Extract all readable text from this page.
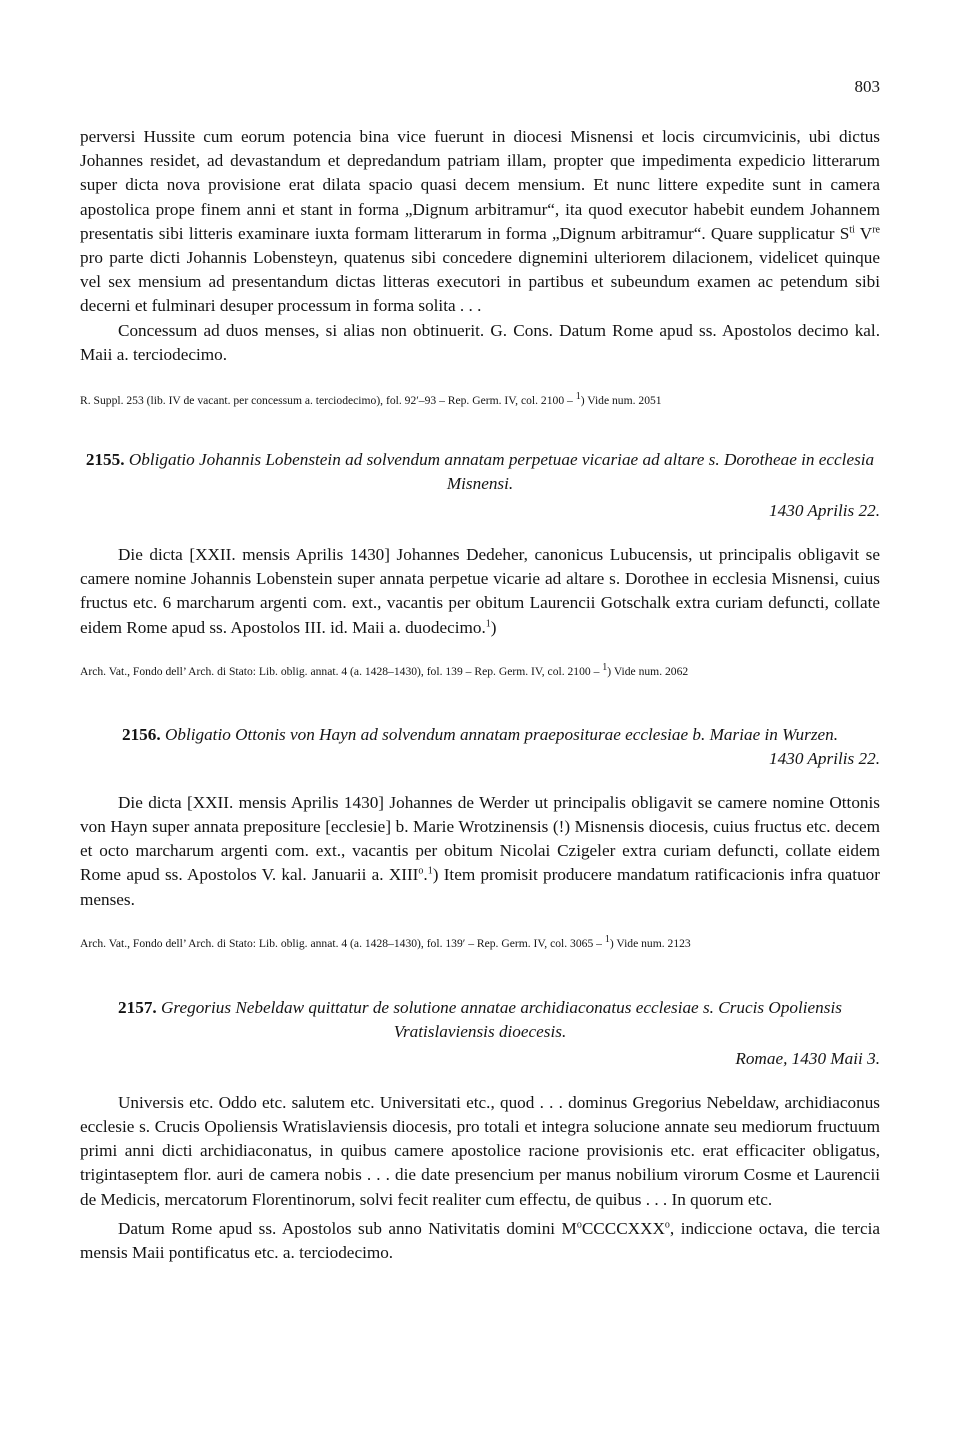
803

perversi Hussite cum eorum potencia bina vice fuerunt in diocesi Misnensi et locis circumvicinis, ubi dictus Johannes residet, ad devastandum et depredandum patriam illam, propter que impedimenta expedicio litterarum super dicta nova provisione erat dilata spacio quasi decem mensium. Et nunc littere expedite sunt in camera apostolica prope finem anni et stant in forma „Dignum arbitramur“, ita quod executor habebit eundem Johannem presentatis sibi litteris examinare iuxta formam litterarum in forma „Dignum arbitramur“. Quare supplicatur $S^{ti}$ Vre pro parte dicti Johannis Lobensteyn, quatenus sibi concedere dignemini ulteriorem dilacionem, videlicet quinque vel sex mensium ad presentandum dictas litteras executori in partibus et subeundum examen ac petendum sibi decerni et fulminari desuper processum in forma solita . . .

Concessum ad duos menses, si alias non obtinuerit. G. Cons. Datum Rome apud ss. Apostolos decimo kal. Maii a. terciodecimo.

R. Suppl. 253 (lib. IV de vacant. per concessum a. terciodecimo), fol. 92′–93 – Rep. Germ. IV, col. 2100 – $^1$) Vide num. 2051

2155. Obligatio Johannis Lobenstein ad solvendum annatam perpetuae vicariae ad altare s. Dorotheae in ecclesia Misnensi.

1430 Aprilis 22.

Die dicta [XXII. mensis Aprilis 1430] Johannes Dedeher, canonicus Lubucensis, ut principalis obligavit se camere nomine Johannis Lobenstein super annata perpetue vicarie ad altare s. Dorothee in ecclesia Misnensi, cuius fructus etc. 6 marcharum argenti com. ext., vacantis per obitum Laurencii Gotschalk extra curiam defuncti, collate eidem Rome apud ss. Apostolos III. id. Maii a. duodecimo.$^1$)

Arch. Vat., Fondo dell’ Arch. di Stato: Lib. oblig. annat. 4 (a. 1428–1430), fol. 139 – Rep. Germ. IV, col. 2100 – $^1$) Vide num. 2062

2156. Obligatio Ottonis von Hayn ad solvendum annatam praepositurae ecclesiae b. Mariae in Wurzen.

1430 Aprilis 22.

Die dicta [XXII. mensis Aprilis 1430] Johannes de Werder ut principalis obligavit se camere nomine Ottonis von Hayn super annata prepositure [ecclesie] b. Marie Wrotzinensis (!) Misnensis diocesis, cuius fructus etc. decem et octo marcharum argenti com. ext., vacantis per obitum Nicolai Czigeler extra curiam defuncti, collate eidem Rome apud ss. Apostolos V. kal. Januarii a. XIII$^o$.$^1$) Item promisit producere mandatum ratificacionis infra quatuor menses.

Arch. Vat., Fondo dell’ Arch. di Stato: Lib. oblig. annat. 4 (a. 1428–1430), fol. 139′ – Rep. Germ. IV, col. 3065 – $^1$) Vide num. 2123

2157. Gregorius Nebeldaw quittatur de solutione annatae archidiaconatus ecclesiae s. Crucis Opoliensis Vratislaviensis dioecesis.

Romae, 1430 Maii 3.

Universis etc. Oddo etc. salutem etc. Universitati etc., quod . . . dominus Gregorius Nebeldaw, archidiaconus ecclesie s. Crucis Opoliensis Wratislaviensis diocesis, pro totali et integra solucione annate seu mediorum fructuum primi anni dicti archidiaconatus, in quibus camere apostolice racione provisionis etc. erat efficaciter obligatus, trigintaseptem flor. auri de camera nobis . . . die date presencium per manus nobilium virorum Cosme et Laurencii de Medicis, mercatorum Florentinorum, solvi fecit realiter cum effectu, de quibus . . . In quorum etc.

Datum Rome apud ss. Apostolos sub anno Nativitatis domini $M^oCCCCXXX^o$, indiccione octava, die tercia mensis Maii pontificatus etc. a. terciodecimo.
